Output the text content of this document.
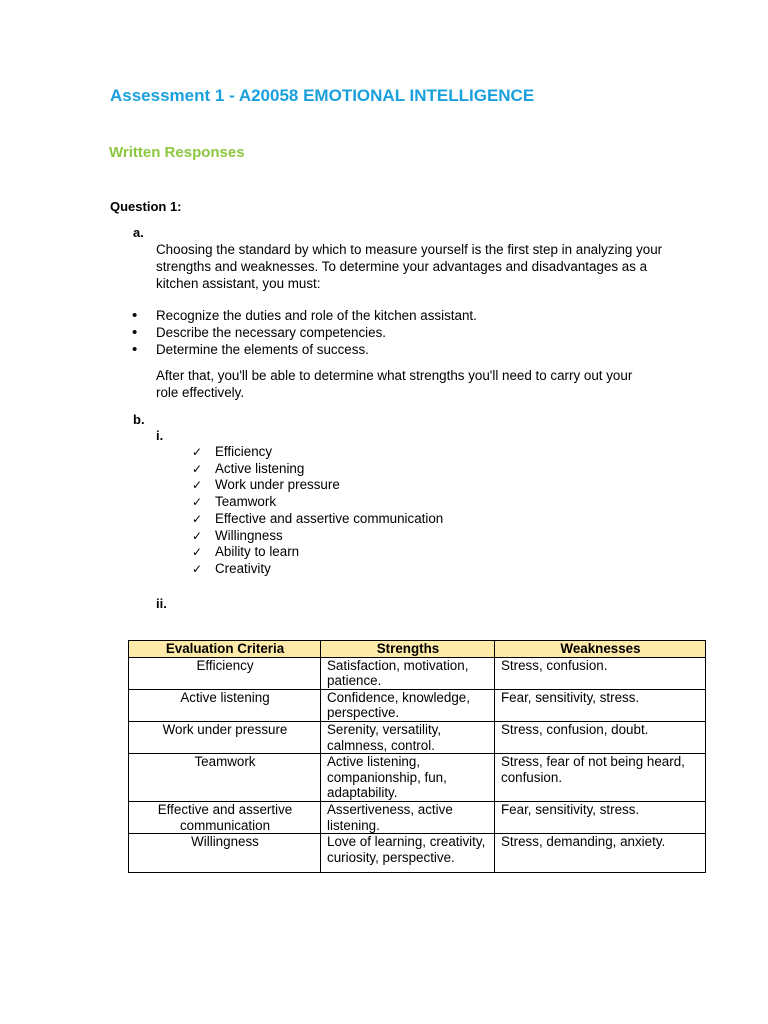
Assessment 1 - A20058 EMOTIONAL INTELLIGENCE
Written Responses
Question 1:
a.
Choosing the standard by which to measure yourself is the first step in analyzing your strengths and weaknesses. To determine your advantages and disadvantages as a kitchen assistant, you must:
• Recognize the duties and role of the kitchen assistant.
• Describe the necessary competencies.
• Determine the elements of success.
After that, you'll be able to determine what strengths you'll need to carry out your role effectively.
b.
i.
✓ Efficiency
✓ Active listening
✓ Work under pressure
✓ Teamwork
✓ Effective and assertive communication
✓ Willingness
✓ Ability to learn
✓ Creativity
ii.
Evaluation Criteria	Strengths	Weaknesses
Efficiency	Satisfaction, motivation, patience.	Stress, confusion.
Active listening	Confidence, knowledge, perspective.	Fear, sensitivity, stress.
Work under pressure	Serenity, versatility, calmness, control.	Stress, confusion, doubt.
Teamwork	Active listening, companionship, fun, adaptability.	Stress, fear of not being heard, confusion.
Effective and assertive communication	Assertiveness, active listening.	Fear, sensitivity, stress.
Willingness	Love of learning, creativity, curiosity, perspective.	Stress, demanding, anxiety.
